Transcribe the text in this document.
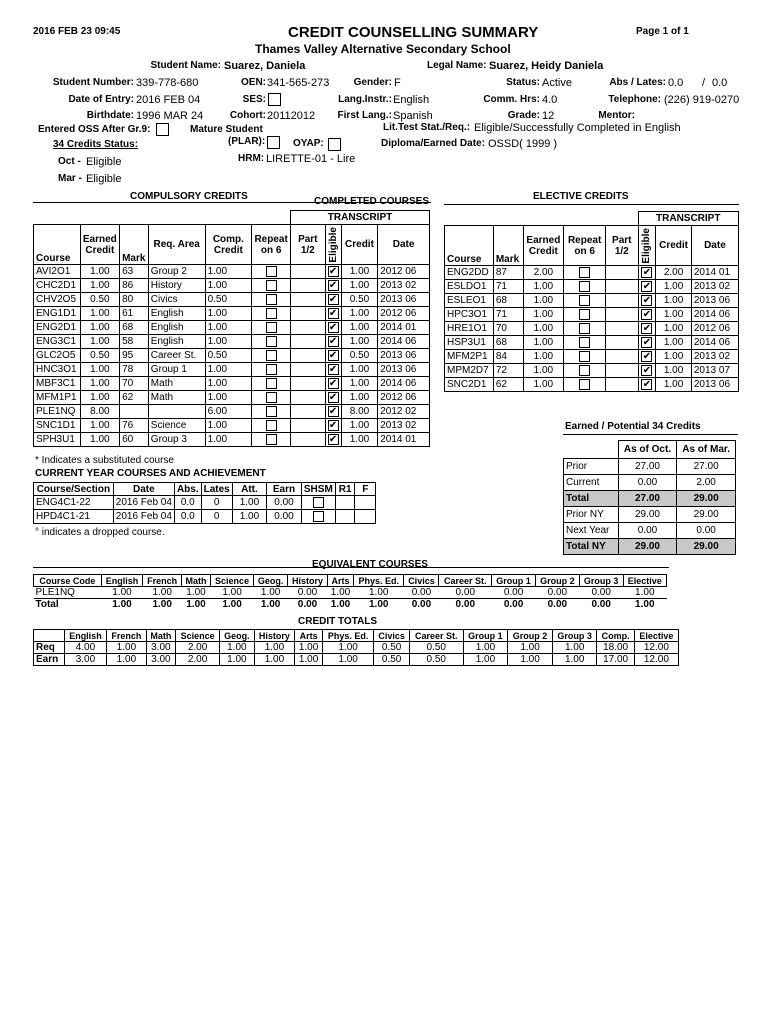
2016 FEB 23 09:45	CREDIT COUNSELLING SUMMARY	Page 1 of 1
Thames Valley Alternative Secondary School
Student Name: Suarez, Daniela	Legal Name: Suarez, Heidy Daniela
Student Number: 339-778-680	OEN: 341-565-273 Gender: F	Status: Active	Abs / Lates: 0.0 / 0.0
Date of Entry: 2016 FEB 04	SES:	Lang.Instr.: English	Comm. Hrs: 4.0	Telephone: (226) 919-0270
Birthdate: 1996 MAR 24	Cohort: 20112012 First Lang.: Spanish	Grade: 12	Mentor:
Entered OSS After Gr.9:	Mature Student
(PLAR):	OYAP:
Lit.Test Stat./Req.: Eligible/Successfully Completed in English
Diploma/Earned Date: OSSD( 1999 )
34 Credits Status:
HRM: LIRETTE-01 - Lire
Oct - Eligible
Mar - Eligible
COMPULSORY CREDITS	COMPLETED COURSES
						TRANSCRIPT			
Course	Earned Credit	Mark	Req. Area	Comp. Credit	Repeat on 6	Part 1/2	Eligible	Credit	Date
AVI2O1	1.00	63	Group 2	1.00			✔	1.00	2012 06
CHC2D1	1.00	86	History	1.00			✔	1.00	2013 02
CHV2O5	0.50	80	Civics	0.50			✔	0.50	2013 06
ENG1D1	1.00	61	English	1.00			✔	1.00	2012 06
ENG2D1	1.00	68	English	1.00			✔	1.00	2014 01
ENG3C1	1.00	58	English	1.00			✔	1.00	2014 06
GLC2O5	0.50	95	Career St.	0.50			✔	0.50	2013 06
HNC3O1	1.00	78	Group 1	1.00			✔	1.00	2013 06
MBF3C1	1.00	70	Math	1.00			✔	1.00	2014 06
MFM1P1	1.00	62	Math	1.00			✔	1.00	2012 06
PLE1NQ	8.00			6.00			✔	8.00	2012 02
SNC1D1	1.00	76	Science	1.00			✔	1.00	2013 02
SPH3U1	1.00	60	Group 3	1.00			✔	1.00	2014 01
* Indicates a substituted course
ELECTIVE CREDITS
					TRANSCRIPT		
Course	Mark	Earned Credit	Repeat on 6	Part 1/2	Eligible	Credit	Date
ENG2DD	87	2.00			✔	2.00	2014 01
ESLDO1	71	1.00			✔	1.00	2013 02
ESLEO1	68	1.00			✔	1.00	2013 06
HPC3O1	71	1.00			✔	1.00	2014 06
HRE1O1	70	1.00			✔	1.00	2012 06
HSP3U1	68	1.00			✔	1.00	2014 06
MFM2P1	84	1.00			✔	1.00	2013 02
MPM2D7	72	1.00			✔	1.00	2013 07
SNC2D1	62	1.00			✔	1.00	2013 06
CURRENT YEAR COURSES AND ACHIEVEMENT
Course/Section	Date	Abs.	Lates	Att.	Earn	SHSM	R1	F
ENG4C1-22	2016 Feb 04	0.0	0	1.00	0.00			
HPD4C1-21	2016 Feb 04	0.0	0	1.00	0.00			
° indicates a dropped course.
Earned / Potential 34 Credits
	As of Oct.	As of Mar.
Prior	27.00	27.00
Current	0.00	2.00
Total	27.00	29.00
Prior NY	29.00	29.00
Next Year	0.00	0.00
Total NY	29.00	29.00
EQUIVALENT COURSES
Course Code	English	French	Math	Science	Geog.	History	Arts	Phys. Ed.	Civics	Career St.	Group 1	Group 2	Group 3	Elective
PLE1NQ	1.00	1.00	1.00	1.00	1.00	0.00	1.00	1.00	0.00	0.00	0.00	0.00	0.00	1.00
Total	1.00	1.00	1.00	1.00	1.00	0.00	1.00	1.00	0.00	0.00	0.00	0.00	0.00	1.00
CREDIT TOTALS
	English	French	Math	Science	Geog.	History	Arts	Phys. Ed.	Civics	Career St.	Group 1	Group 2	Group 3	Comp.	Elective
Req	4.00	1.00	3.00	2.00	1.00	1.00	1.00	1.00	0.50	0.50	1.00	1.00	1.00	18.00	12.00
Earn	3.00	1.00	3.00	2.00	1.00	1.00	1.00	1.00	0.50	0.50	1.00	1.00	1.00	17.00	12.00
